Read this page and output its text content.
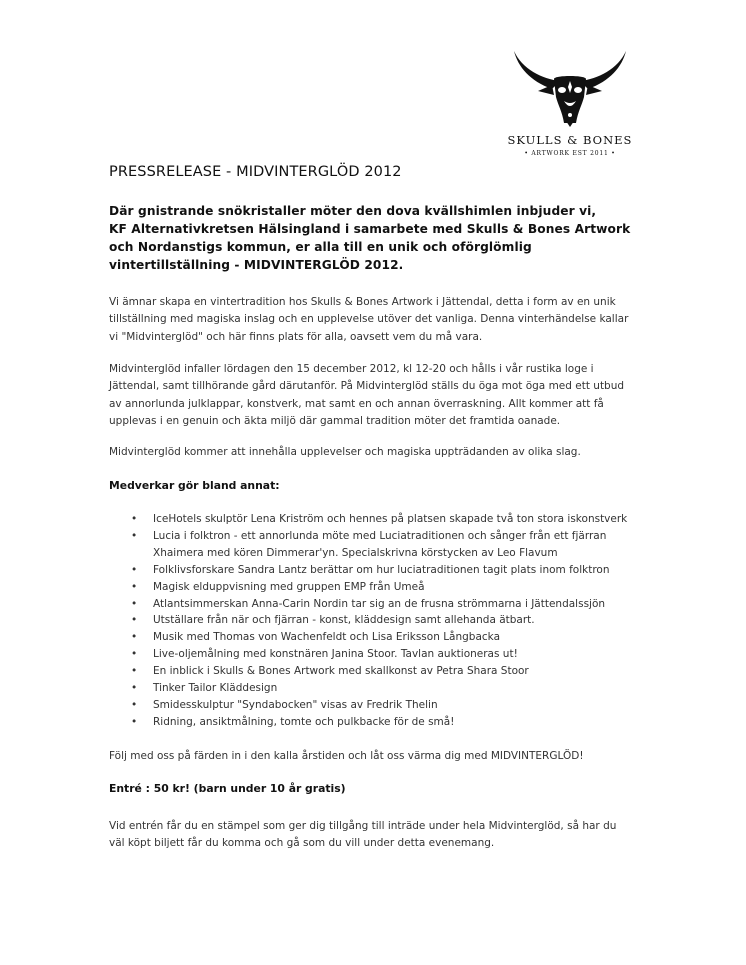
SKULLS & BONES
• ARTWORK EST 2011 •
PRESSRELEASE - MIDVINTERGLÖD 2012
Där gnistrande snökristaller möter den dova kvällshimlen inbjuder vi,
KF Alternativkretsen Hälsingland i samarbete med Skulls & Bones Artwork
och Nordanstigs kommun, er alla till en unik och oförglömlig
vintertillställning - MIDVINTERGLÖD 2012.
Vi ämnar skapa en vintertradition hos Skulls & Bones Artwork i Jättendal, detta i form av en unik
tillställning med magiska inslag och en upplevelse utöver det vanliga. Denna vinterhändelse kallar
vi "Midvinterglöd" och här finns plats för alla, oavsett vem du må vara.
Midvinterglöd infaller lördagen den 15 december 2012, kl 12-20 och hålls i vår rustika loge i
Jättendal, samt tillhörande gård därutanför. På Midvinterglöd ställs du öga mot öga med ett utbud
av annorlunda julklappar, konstverk, mat samt en och annan överraskning. Allt kommer att få
upplevas i en genuin och äkta miljö där gammal tradition möter det framtida oanade.
Midvinterglöd kommer att innehålla upplevelser och magiska uppträdanden av olika slag.
Medverkar gör bland annat:
• IceHotels skulptör Lena Kriström och hennes på platsen skapade två ton stora iskonstverk
• Lucia i folktron - ett annorlunda möte med Luciatraditionen och sånger från ett fjärran
Xhaimera med kören Dimmerar'yn. Specialskrivna körstycken av Leo Flavum
• Folklivsforskare Sandra Lantz berättar om hur luciatraditionen tagit plats inom folktron
• Magisk elduppvisning med gruppen EMP från Umeå
• Atlantsimmerskan Anna-Carin Nordin tar sig an de frusna strömmarna i Jättendalssjön
• Utställare från när och fjärran - konst, kläddesign samt allehanda ätbart.
• Musik med Thomas von Wachenfeldt och Lisa Eriksson Långbacka
• Live-oljemålning med konstnären Janina Stoor. Tavlan auktioneras ut!
• En inblick i Skulls & Bones Artwork med skallkonst av Petra Shara Stoor
• Tinker Tailor Kläddesign
• Smidesskulptur "Syndabocken" visas av Fredrik Thelin
• Ridning, ansiktmålning, tomte och pulkbacke för de små!
Följ med oss på färden in i den kalla årstiden och låt oss värma dig med MIDVINTERGLÖD!
Entré : 50 kr! (barn under 10 år gratis)
Vid entrén får du en stämpel som ger dig tillgång till inträde under hela Midvinterglöd, så har du
väl köpt biljett får du komma och gå som du vill under detta evenemang.
